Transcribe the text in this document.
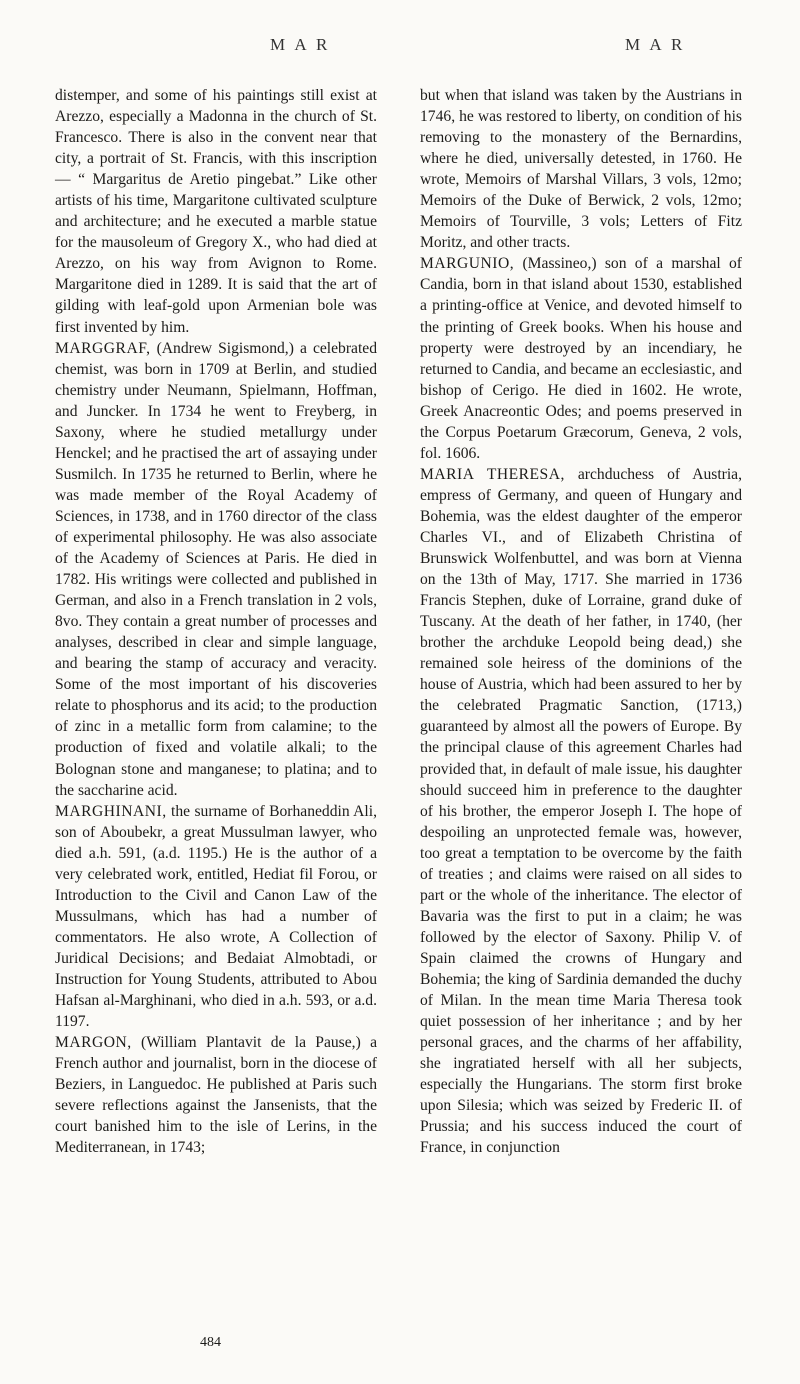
M A R	M A R

distemper, and some of his paintings still exist at Arezzo, especially a Madonna in the church of St. Francesco. There is also in the convent near that city, a portrait of St. Francis, with this inscription— “ Margaritus de Aretio pingebat.” Like other artists of his time, Margaritone cultivated sculpture and architecture; and he executed a marble statue for the mausoleum of Gregory X., who had died at Arezzo, on his way from Avignon to Rome. Margaritone died in 1289. It is said that the art of gilding with leaf-gold upon Armenian bole was first invented by him.

MARGGRAF, (Andrew Sigismond,) a celebrated chemist, was born in 1709 at Berlin, and studied chemistry under Neumann, Spielmann, Hoffman, and Juncker. In 1734 he went to Freyberg, in Saxony, where he studied metallurgy under Henckel; and he practised the art of assaying under Susmilch. In 1735 he returned to Berlin, where he was made member of the Royal Academy of Sciences, in 1738, and in 1760 director of the class of experimental philosophy. He was also associate of the Academy of Sciences at Paris. He died in 1782. His writings were collected and published in German, and also in a French translation in 2 vols, 8vo. They contain a great number of processes and analyses, described in clear and simple language, and bearing the stamp of accuracy and veracity. Some of the most important of his discoveries relate to phosphorus and its acid; to the production of zinc in a metallic form from calamine; to the production of fixed and volatile alkali; to the Bolognan stone and manganese; to platina; and to the saccharine acid.

MARGHINANI, the surname of Borhaneddin Ali, son of Aboubekr, a great Mussulman lawyer, who died a.h. 591, (a.d. 1195.) He is the author of a very celebrated work, entitled, Hediat fil Forou, or Introduction to the Civil and Canon Law of the Mussulmans, which has had a number of commentators. He also wrote, A Collection of Juridical Decisions; and Bedaiat Almobtadi, or Instruction for Young Students, attributed to Abou Hafsan al-Marghinani, who died in a.h. 593, or a.d. 1197.

MARGON, (William Plantavit de la Pause,) a French author and journalist, born in the diocese of Beziers, in Languedoc. He published at Paris such severe reflections against the Jansenists, that the court banished him to the isle of Lerins, in the Mediterranean, in 1743;

but when that island was taken by the Austrians in 1746, he was restored to liberty, on condition of his removing to the monastery of the Bernardins, where he died, universally detested, in 1760. He wrote, Memoirs of Marshal Villars, 3 vols, 12mo; Memoirs of the Duke of Berwick, 2 vols, 12mo; Memoirs of Tourville, 3 vols; Letters of Fitz Moritz, and other tracts.

MARGUNIO, (Massineo,) son of a marshal of Candia, born in that island about 1530, established a printing-office at Venice, and devoted himself to the printing of Greek books. When his house and property were destroyed by an incendiary, he returned to Candia, and became an ecclesiastic, and bishop of Cerigo. He died in 1602. He wrote, Greek Anacreontic Odes; and poems preserved in the Corpus Poetarum Græcorum, Geneva, 2 vols, fol. 1606.

MARIA THERESA, archduchess of Austria, empress of Germany, and queen of Hungary and Bohemia, was the eldest daughter of the emperor Charles VI., and of Elizabeth Christina of Brunswick Wolfenbuttel, and was born at Vienna on the 13th of May, 1717. She married in 1736 Francis Stephen, duke of Lorraine, grand duke of Tuscany. At the death of her father, in 1740, (her brother the archduke Leopold being dead,) she remained sole heiress of the dominions of the house of Austria, which had been assured to her by the celebrated Pragmatic Sanction, (1713,) guaranteed by almost all the powers of Europe. By the principal clause of this agreement Charles had provided that, in default of male issue, his daughter should succeed him in preference to the daughter of his brother, the emperor Joseph I. The hope of despoiling an unprotected female was, however, too great a temptation to be overcome by the faith of treaties ; and claims were raised on all sides to part or the whole of the inheritance. The elector of Bavaria was the first to put in a claim; he was followed by the elector of Saxony. Philip V. of Spain claimed the crowns of Hungary and Bohemia; the king of Sardinia demanded the duchy of Milan. In the mean time Maria Theresa took quiet possession of her inheritance ; and by her personal graces, and the charms of her affability, she ingratiated herself with all her subjects, especially the Hungarians. The storm first broke upon Silesia; which was seized by Frederic II. of Prussia; and his success induced the court of France, in conjunction

484
